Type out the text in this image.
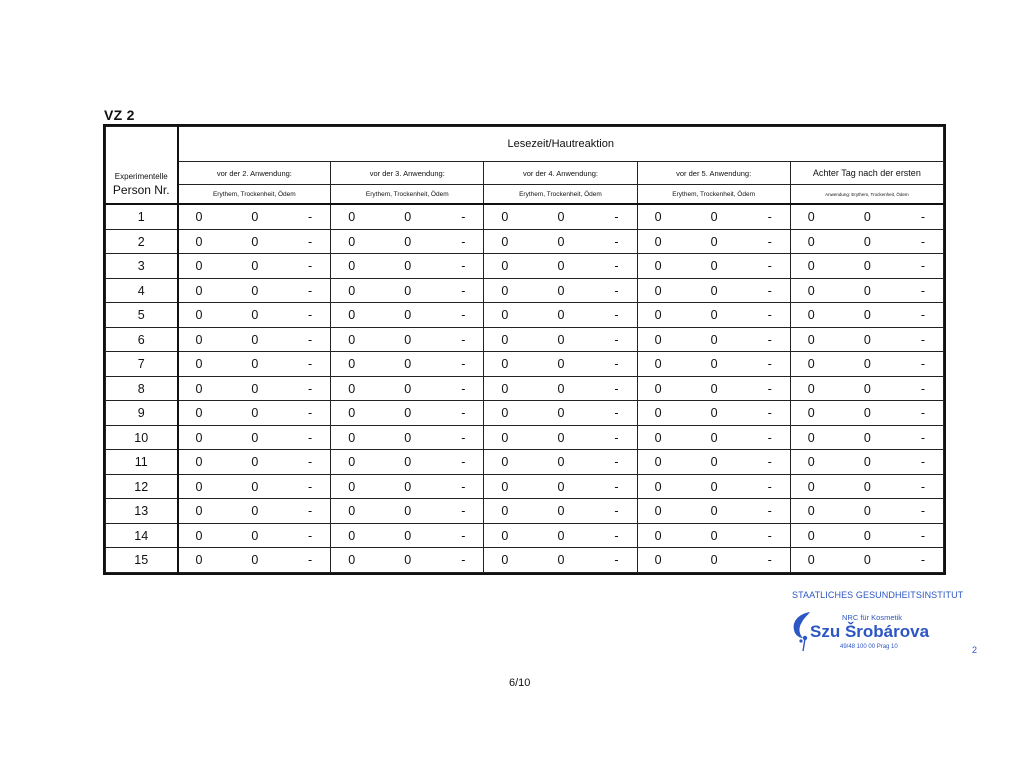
VZ 2
Experimentelle
Person Nr.	Lesezeit/Hautreaktion				
	vor der 2. Anwendung:	vor der 3. Anwendung:	vor der 4. Anwendung:	vor der 5. Anwendung:	Achter Tag nach der ersten
	Erythem, Trockenheit, Ödem	Erythem, Trockenheit, Ödem	Erythem, Trockenheit, Ödem	Erythem, Trockenheit, Ödem	Anwendung: Erythem, Trockenheit, Ödem
1	0 0 -	0 0 -	0 0 -	0 0 -	0 0 -

2	0 0 -	0 0 -	0 0 -	0 0 -	0 0 -

3	0 0 -	0 0 -	0 0 -	0 0 -	0 0 -

4	0 0 -	0 0 -	0 0 -	0 0 -	0 0 -

5	0 0 -	0 0 -	0 0 -	0 0 -	0 0 -

6	0 0 -	0 0 -	0 0 -	0 0 -	0 0 -

7	0 0 -	0 0 -	0 0 -	0 0 -	0 0 -

8	0 0 -	0 0 -	0 0 -	0 0 -	0 0 -

9	0 0 -	0 0 -	0 0 -	0 0 -	0 0 -

10	0 0 -	0 0 -	0 0 -	0 0 -	0 0 -

11	0 0 -	0 0 -	0 0 -	0 0 -	0 0 -

12	0 0 -	0 0 -	0 0 -	0 0 -	0 0 -

13	0 0 -	0 0 -	0 0 -	0 0 -	0 0 -

14	0 0 -	0 0 -	0 0 -	0 0 -	0 0 -

15	0 0 -	0 0 -	0 0 -	0 0 -	0 0 -
STAATLICHES GESUNDHEITSINSTITUT
NRC für Kosmetik
Szu Šrobárova
49/48 100 00 Prag 10	2
6/10
